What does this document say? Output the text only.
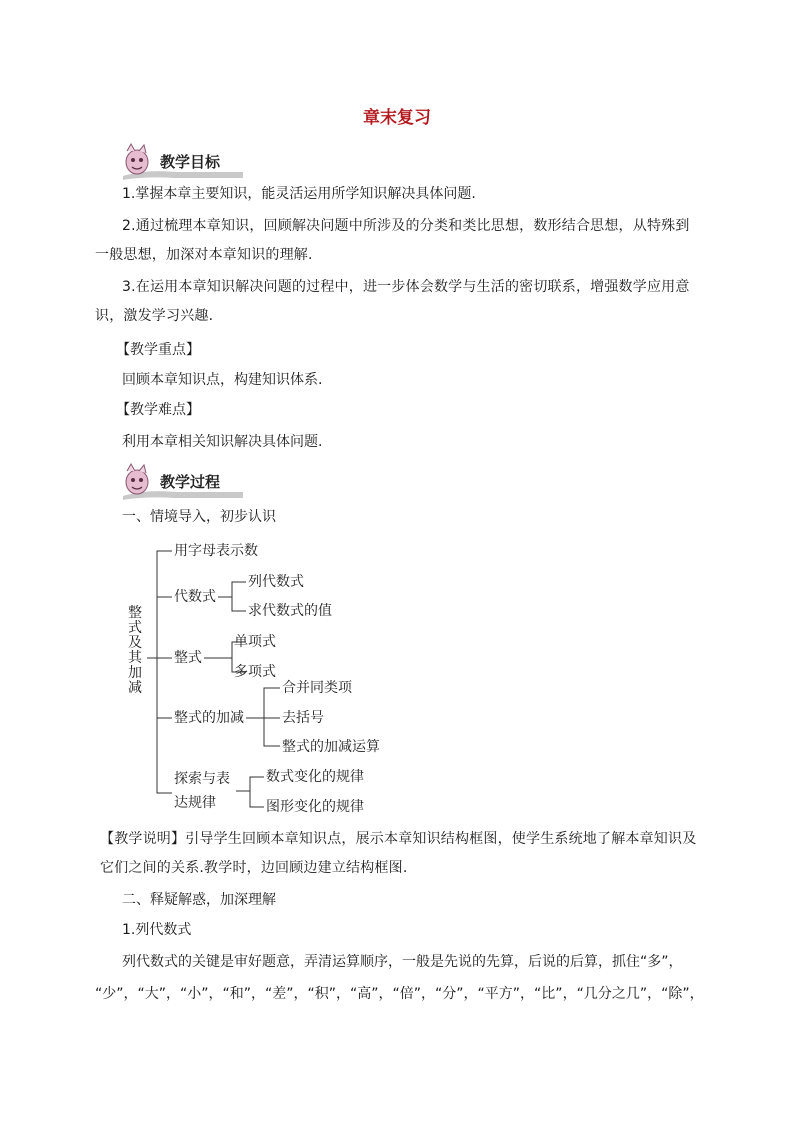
章末复习
教学目标
1.掌握本章主要知识，能灵活运用所学知识解决具体问题.
2.通过梳理本章知识，回顾解决问题中所涉及的分类和类比思想，数形结合思想，从特殊到一般思想，加深对本章知识的理解.
3.在运用本章知识解决问题的过程中，进一步体会数学与生活的密切联系，增强数学应用意识，激发学习兴趣.
【教学重点】
回顾本章知识点，构建知识体系.
【教学难点】
利用本章相关知识解决具体问题.
教学过程
一、情境导入，初步认识
整式及其加减
用字母表示数
代数式
列代数式
求代数式的值
整式
单项式
多项式
整式的加减
合并同类项
去括号
整式的加减运算
探索与表
达规律
数式变化的规律
图形变化的规律
【教学说明】引导学生回顾本章知识点，展示本章知识结构框图，使学生系统地了解本章知识及它们之间的关系.教学时，边回顾边建立结构框图.
二、释疑解惑，加深理解
1.列代数式
列代数式的关键是审好题意，弄清运算顺序，一般是先说的先算，后说的后算，抓住“多”，
“少”，“大”，“小”，“和”，“差”，“积”，“高”，“倍”，“分”，“平方”，“比”，“几分之几”，“除”，
